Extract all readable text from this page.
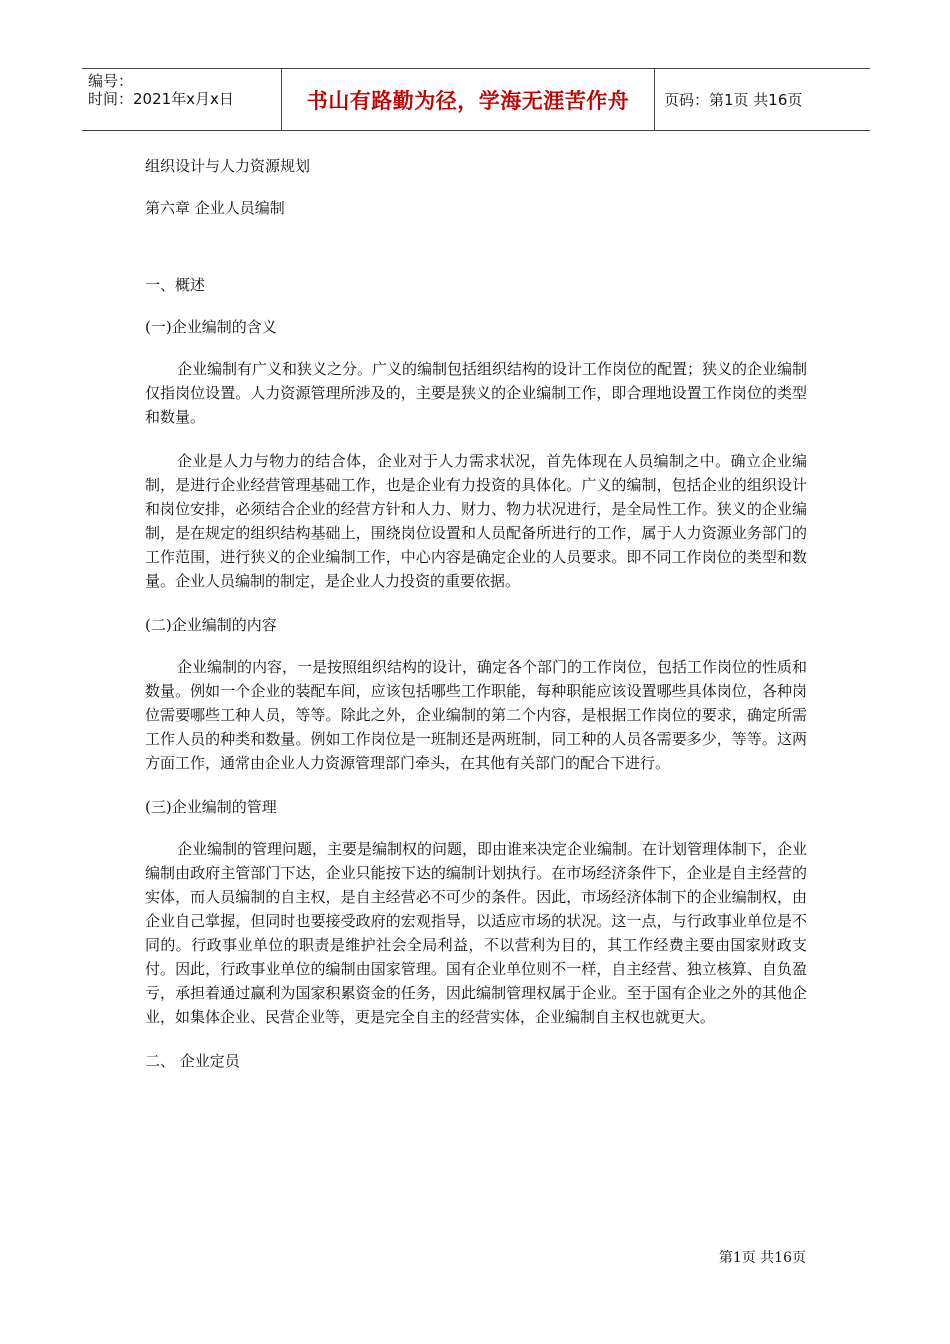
编号：
时间：2021年x月x日	书山有路勤为径，学海无涯苦作舟	页码：第1页 共16页

组织设计与人力资源规划

第六章 企业人员编制

一、概述

(一)企业编制的含义

企业编制有广义和狭义之分。广义的编制包括组织结构的设计工作岗位的配置；狭义的企业编制仅指岗位设置。人力资源管理所涉及的，主要是狭义的企业编制工作，即合理地设置工作岗位的类型和数量。

企业是人力与物力的结合体，企业对于人力需求状况，首先体现在人员编制之中。确立企业编制，是进行企业经营管理基础工作，也是企业有力投资的具体化。广义的编制，包括企业的组织设计和岗位安排，必须结合企业的经营方针和人力、财力、物力状况进行，是全局性工作。狭义的企业编制，是在规定的组织结构基础上，围绕岗位设置和人员配备所进行的工作，属于人力资源业务部门的工作范围，进行狭义的企业编制工作，中心内容是确定企业的人员要求。即不同工作岗位的类型和数量。企业人员编制的制定，是企业人力投资的重要依据。

(二)企业编制的内容

企业编制的内容，一是按照组织结构的设计，确定各个部门的工作岗位，包括工作岗位的性质和数量。例如一个企业的装配车间，应该包括哪些工作职能，每种职能应该设置哪些具体岗位，各种岗位需要哪些工种人员，等等。除此之外，企业编制的第二个内容，是根据工作岗位的要求，确定所需工作人员的种类和数量。例如工作岗位是一班制还是两班制，同工种的人员各需要多少，等等。这两方面工作，通常由企业人力资源管理部门牵头，在其他有关部门的配合下进行。

(三)企业编制的管理

企业编制的管理问题，主要是编制权的问题，即由谁来决定企业编制。在计划管理体制下，企业编制由政府主管部门下达，企业只能按下达的编制计划执行。在市场经济条件下，企业是自主经营的实体，而人员编制的自主权，是自主经营必不可少的条件。因此，市场经济体制下的企业编制权，由企业自己掌握，但同时也要接受政府的宏观指导，以适应市场的状况。这一点，与行政事业单位是不同的。行政事业单位的职责是维护社会全局利益，不以营利为目的，其工作经费主要由国家财政支付。因此，行政事业单位的编制由国家管理。国有企业单位则不一样，自主经营、独立核算、自负盈亏，承担着通过赢利为国家积累资金的任务，因此编制管理权属于企业。至于国有企业之外的其他企业，如集体企业、民营企业等，更是完全自主的经营实体，企业编制自主权也就更大。

二、 企业定员

第1页 共16页
